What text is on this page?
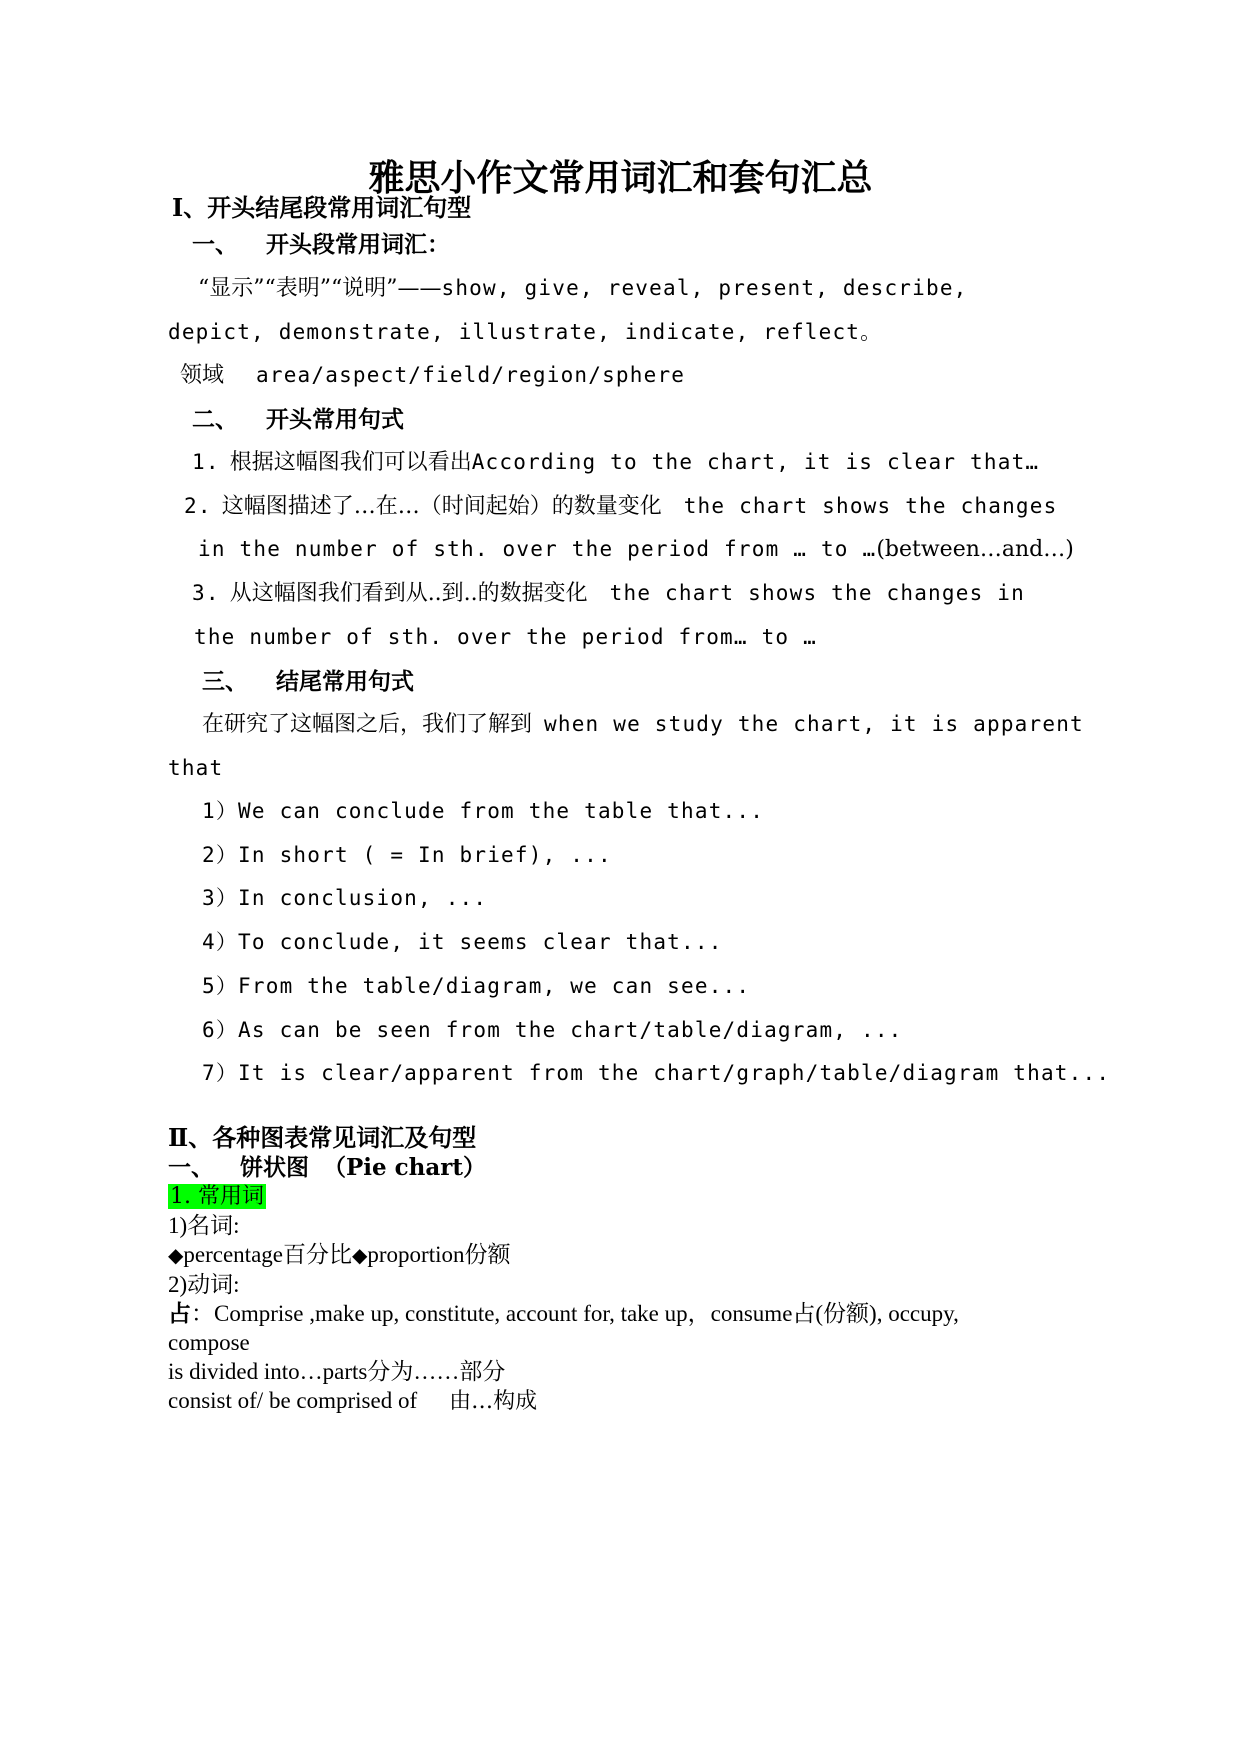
雅思小作文常用词汇和套句汇总
Ⅰ、开头结尾段常用词汇句型
一、 开头段常用词汇：
“显示”“表明”“说明”——show, give, reveal, present, describe,
depict, demonstrate, illustrate, indicate, reflect。
领域 area/aspect/field/region/sphere
二、 开头常用句式
1. 根据这幅图我们可以看出According to the chart, it is clear that…
2. 这幅图描述了…在…（时间起始）的数量变化 the chart shows the changes
in the number of sth. over the period from … to …(between…and…)
3. 从这幅图我们看到从..到..的数据变化 the chart shows the changes in
the number of sth. over the period from… to …
三、 结尾常用句式
在研究了这幅图之后，我们了解到 when we study the chart, it is apparent
that
1）We can conclude from the table that...
2）In short ( = In brief), ...
3）In conclusion, ...
4）To conclude, it seems clear that...
5）From the table/diagram, we can see...
6）As can be seen from the chart/table/diagram, ...
7）It is clear/apparent from the chart/graph/table/diagram that...
Ⅱ、各种图表常见词汇及句型
一、 饼状图 （Pie chart）
1. 常用词
1)名词:
◆percentage百分比◆proportion份额
2)动词:
占：Comprise ,make up, constitute, account for, take up，consume占(份额), occupy,
compose
is divided into…parts分为……部分
consist of/ be comprised of 由…构成
